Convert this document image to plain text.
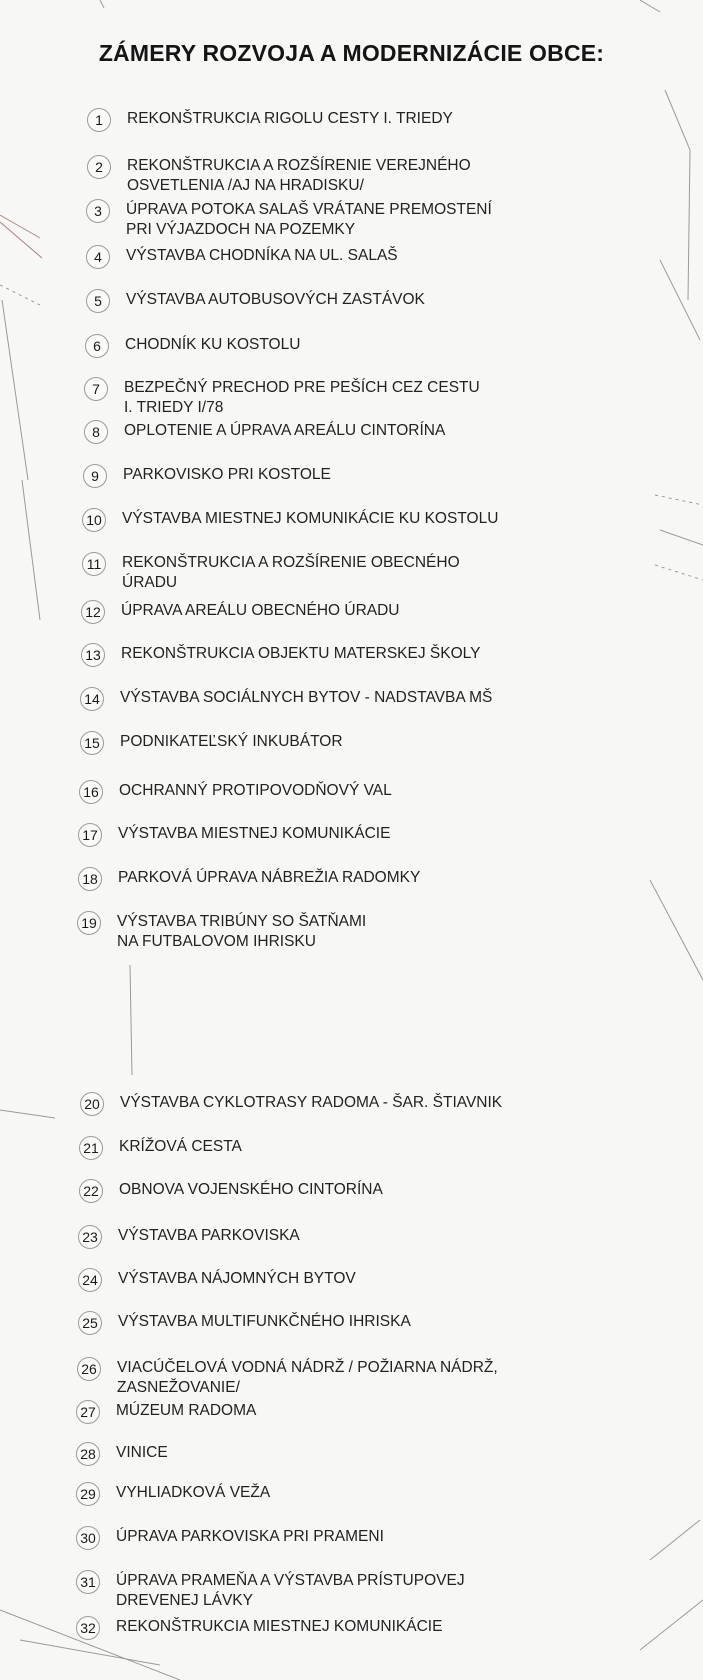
ZÁMERY ROZVOJA A MODERNIZÁCIE OBCE:
1	REKONŠTRUKCIA RIGOLU CESTY I. TRIEDY
2	REKONŠTRUKCIA A ROZŠÍRENIE VEREJNÉHO
OSVETLENIA /AJ NA HRADISKU/
3	ÚPRAVA POTOKA SALAŠ VRÁTANE PREMOSTENÍ
PRI VÝJAZDOCH NA POZEMKY
4	VÝSTAVBA CHODNÍKA NA UL. SALAŠ
5	VÝSTAVBA AUTOBUSOVÝCH ZASTÁVOK
6	CHODNÍK KU KOSTOLU
7	BEZPEČNÝ PRECHOD PRE PEŠÍCH CEZ CESTU
I. TRIEDY I/78
8	OPLOTENIE A ÚPRAVA AREÁLU CINTORÍNA
9	PARKOVISKO PRI KOSTOLE
10 VÝSTAVBA MIESTNEJ KOMUNIKÁCIE KU KOSTOLU
11	REKONŠTRUKCIA A ROZŠÍRENIE OBECNÉHO
ÚRADU
12 ÚPRAVA AREÁLU OBECNÉHO ÚRADU
13 REKONŠTRUKCIA OBJEKTU MATERSKEJ ŠKOLY
14 VÝSTAVBA SOCIÁLNYCH BYTOV - NADSTAVBA MŠ
15 PODNIKATEĽSKÝ INKUBÁTOR
16 OCHRANNÝ PROTIPOVODŇOVÝ VAL
17 VÝSTAVBA MIESTNEJ KOMUNIKÁCIE
18 PARKOVÁ ÚPRAVA NÁBREŽIA RADOMKY
19 VÝSTAVBA TRIBÚNY SO ŠATŇAMI
NA FUTBALOVOM IHRISKU
20 VÝSTAVBA CYKLOTRASY RADOMA - ŠAR. ŠTIAVNIK
21 KRÍŽOVÁ CESTA
22 OBNOVA VOJENSKÉHO CINTORÍNA
23 VÝSTAVBA PARKOVISKA
24 VÝSTAVBA NÁJOMNÝCH BYTOV
25 VÝSTAVBA MULTIFUNKČNÉHO IHRISKA
26 VIACÚČELOVÁ VODNÁ NÁDRŽ / POŽIARNA NÁDRŽ,
ZASNEŽOVANIE/
27 MÚZEUM RADOMA
28 VINICE
29 VYHLIADKOVÁ VEŽA
30 ÚPRAVA PARKOVISKA PRI PRAMENI
31 ÚPRAVA PRAMEŇA A VÝSTAVBA PRÍSTUPOVEJ
DREVENEJ LÁVKY
32 REKONŠTRUKCIA MIESTNEJ KOMUNIKÁCIE
